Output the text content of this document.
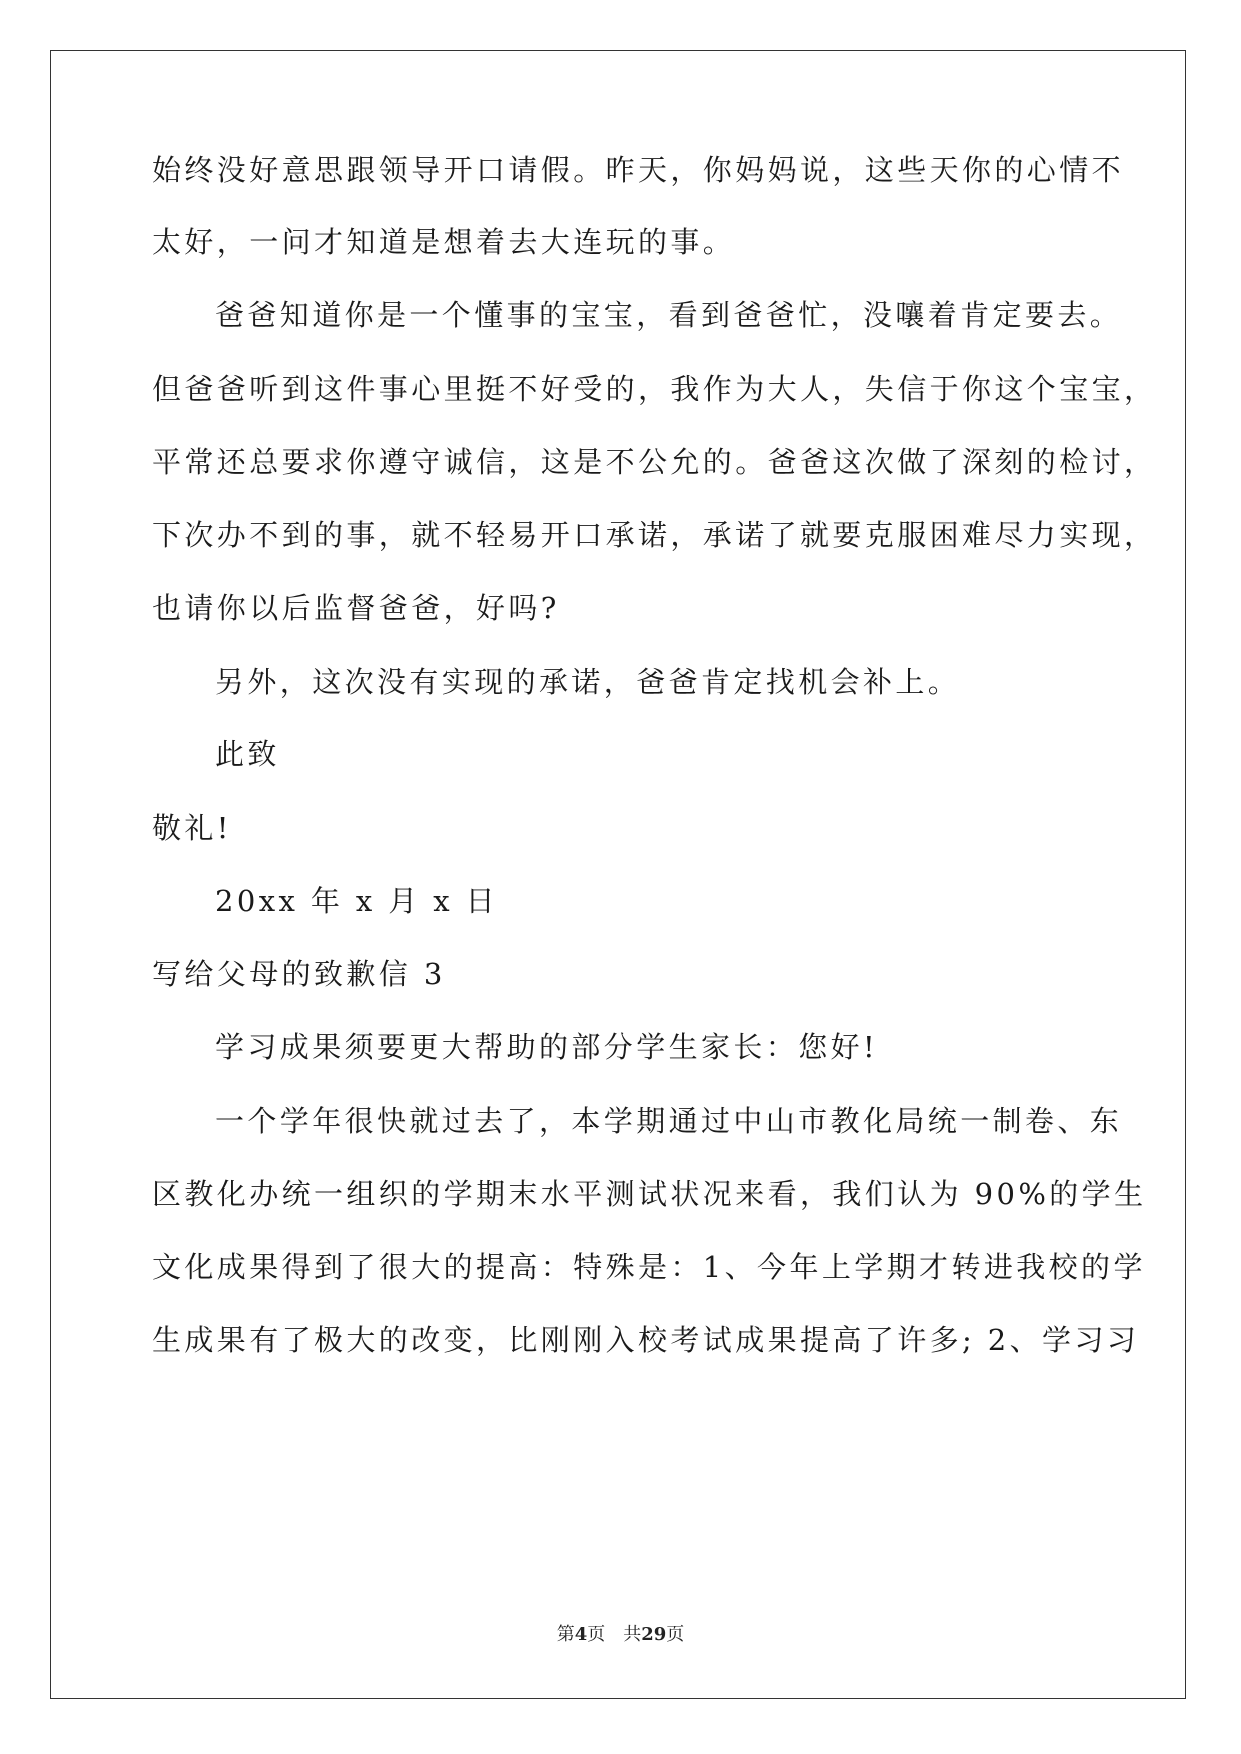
始终没好意思跟领导开口请假。昨天，你妈妈说，这些天你的心情不
太好，一问才知道是想着去大连玩的事。
爸爸知道你是一个懂事的宝宝，看到爸爸忙，没嚷着肯定要去。
但爸爸听到这件事心里挺不好受的，我作为大人，失信于你这个宝宝，
平常还总要求你遵守诚信，这是不公允的。爸爸这次做了深刻的检讨，
下次办不到的事，就不轻易开口承诺，承诺了就要克服困难尽力实现，
也请你以后监督爸爸，好吗?
另外，这次没有实现的承诺，爸爸肯定找机会补上。
此致
敬礼!
20xx 年 x 月 x 日
写给父母的致歉信 3
学习成果须要更大帮助的部分学生家长：您好!
一个学年很快就过去了，本学期通过中山市教化局统一制卷、东
区教化办统一组织的学期末水平测试状况来看，我们认为 90%的学生
文化成果得到了很大的提高：特殊是：1、今年上学期才转进我校的学
生成果有了极大的改变，比刚刚入校考试成果提高了许多; 2、学习习
第4页 共29页
